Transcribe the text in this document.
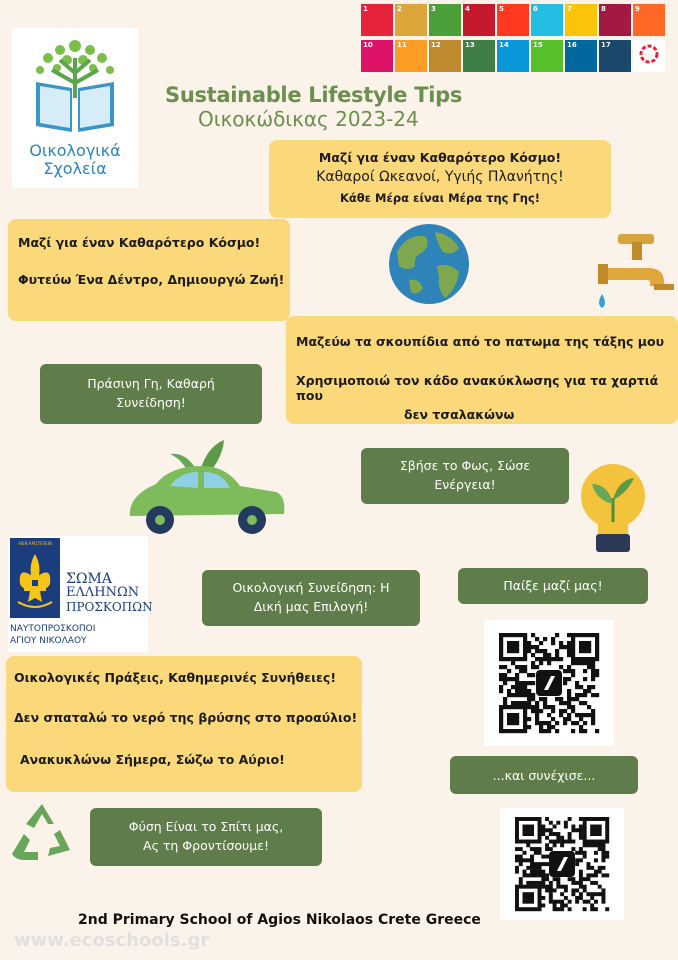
1	2	3	4	5	6	7	8	9
10	11	12	13	14	15	16	17
Οικολογικά
Σχολεία
Sustainable Lifestyle Tips
Οικοκώδικας 2023-24
Μαζί για έναν Καθαρότερο Κόσμο!
Καθαροί Ωκεανοί, Υγιής Πλανήτης!
Κάθε Μέρα είναι Μέρα της Γης!
Μαζί για έναν Καθαρότερο Κόσμο!
Φυτεύω Ένα Δέντρο, Δημιουργώ Ζωή!
Μαζεύω τα σκουπίδια από το πατωμα της τάξης μου
Χρησιμοποιώ τον κάδο ανακύκλωσης για τα χαρτιά που
δεν τσαλακώνω
Πράσινη Γη, Καθαρή
Συνείδηση!
Σβήσε το Φως, Σώσε
Ενέργεια!
ΑΙΕΝ ΑΡΙΣΤΕΥΕΙΝ
ΣΩΜΑ
ΕΛΛΗΝΩΝ
ΠΡΟΣΚΟΠΩΝ
ΝΑΥΤΟΠΡΟΣΚΟΠΟΙ
ΑΓΙΟΥ ΝΙΚΟΛΑΟΥ
Οικολογική Συνείδηση: Η
Δική μας Επιλογή!
Παίξε μαζί μας!
Οικολογικές Πράξεις, Καθημερινές Συνήθειες!
Δεν σπαταλώ το νερό της βρύσης στο προαύλιο!
Ανακυκλώνω Σήμερα, Σώζω το Αύριο!
...και συνέχισε...
Φύση Είναι το Σπίτι μας,
Ας τη Φροντίσουμε!
2nd Primary School of Agios Nikolaos Crete Greece
www.ecoschools.gr
